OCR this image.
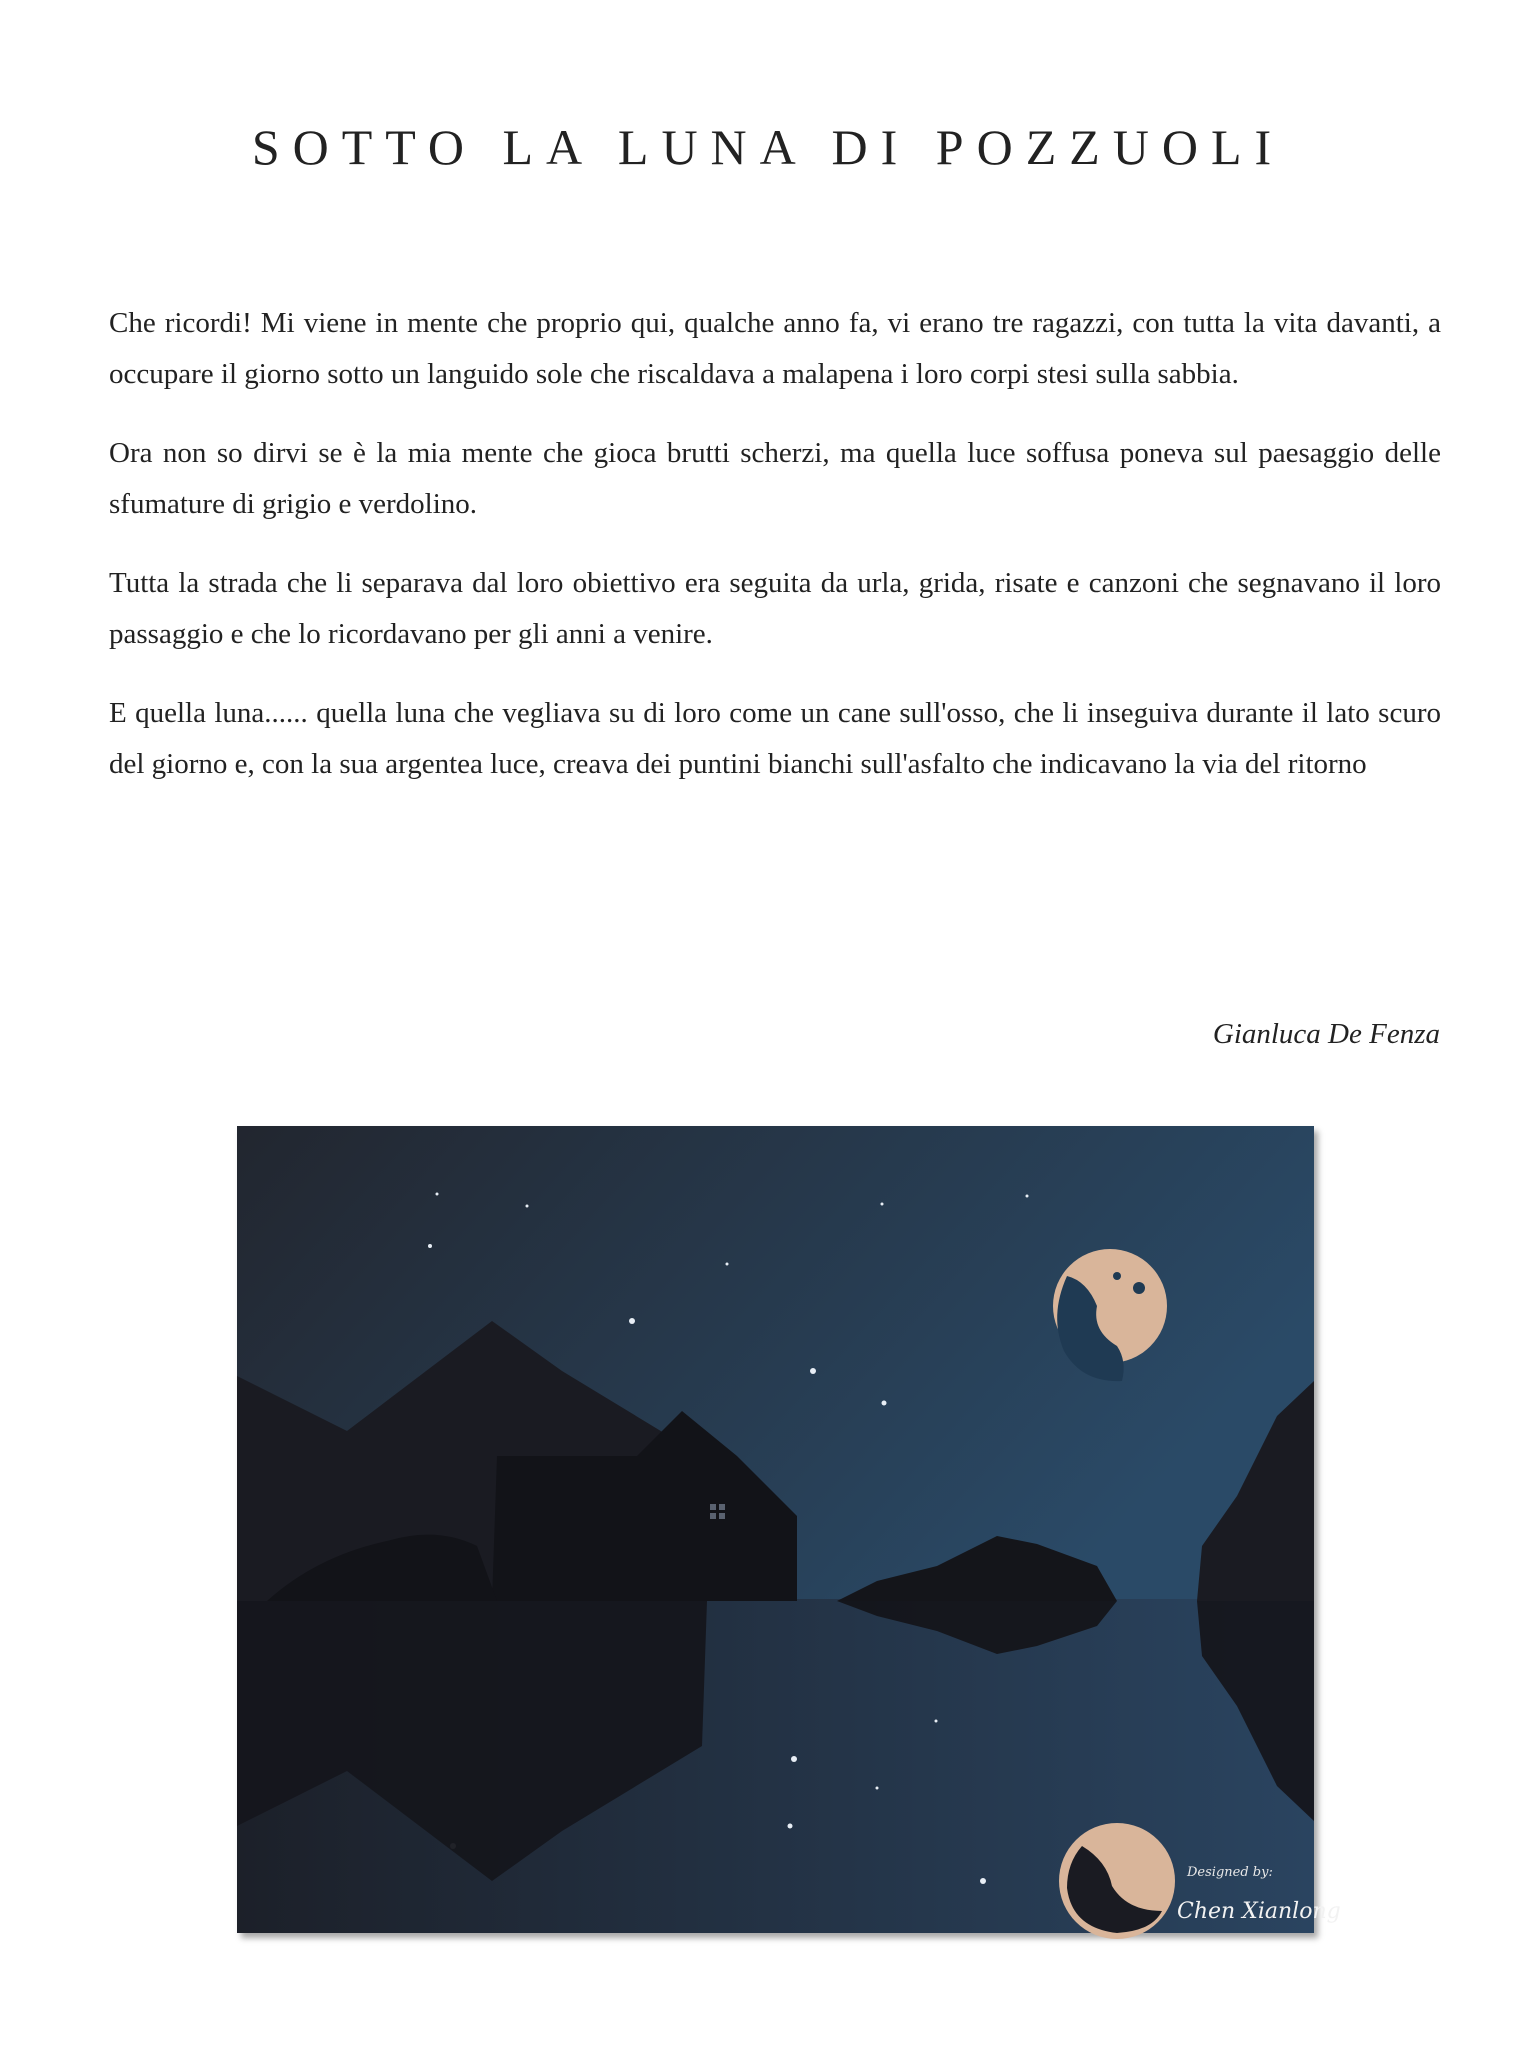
SOTTO LA LUNA DI POZZUOLI

Che ricordi! Mi viene in mente che proprio qui, qualche anno fa, vi erano tre ragazzi, con tutta la vita davanti, a occupare il giorno sotto un languido sole che riscaldava a malapena i loro corpi stesi sulla sabbia.

Ora non so dirvi se è la mia mente che gioca brutti scherzi, ma quella luce soffusa poneva sul paesaggio delle sfumature di grigio e verdolino.

Tutta la strada che li separava dal loro obiettivo era seguita da urla, grida, risate e canzoni che segnavano il loro passaggio e che lo ricordavano per gli anni a venire.

E quella luna...... quella luna che vegliava su di loro come un cane sull'osso, che li inseguiva durante il lato scuro del giorno e, con la sua argentea luce, creava dei puntini bianchi sull'asfalto che indicavano la via del ritorno

Gianluca De Fenza
Designed by:
Chen Xianlong
